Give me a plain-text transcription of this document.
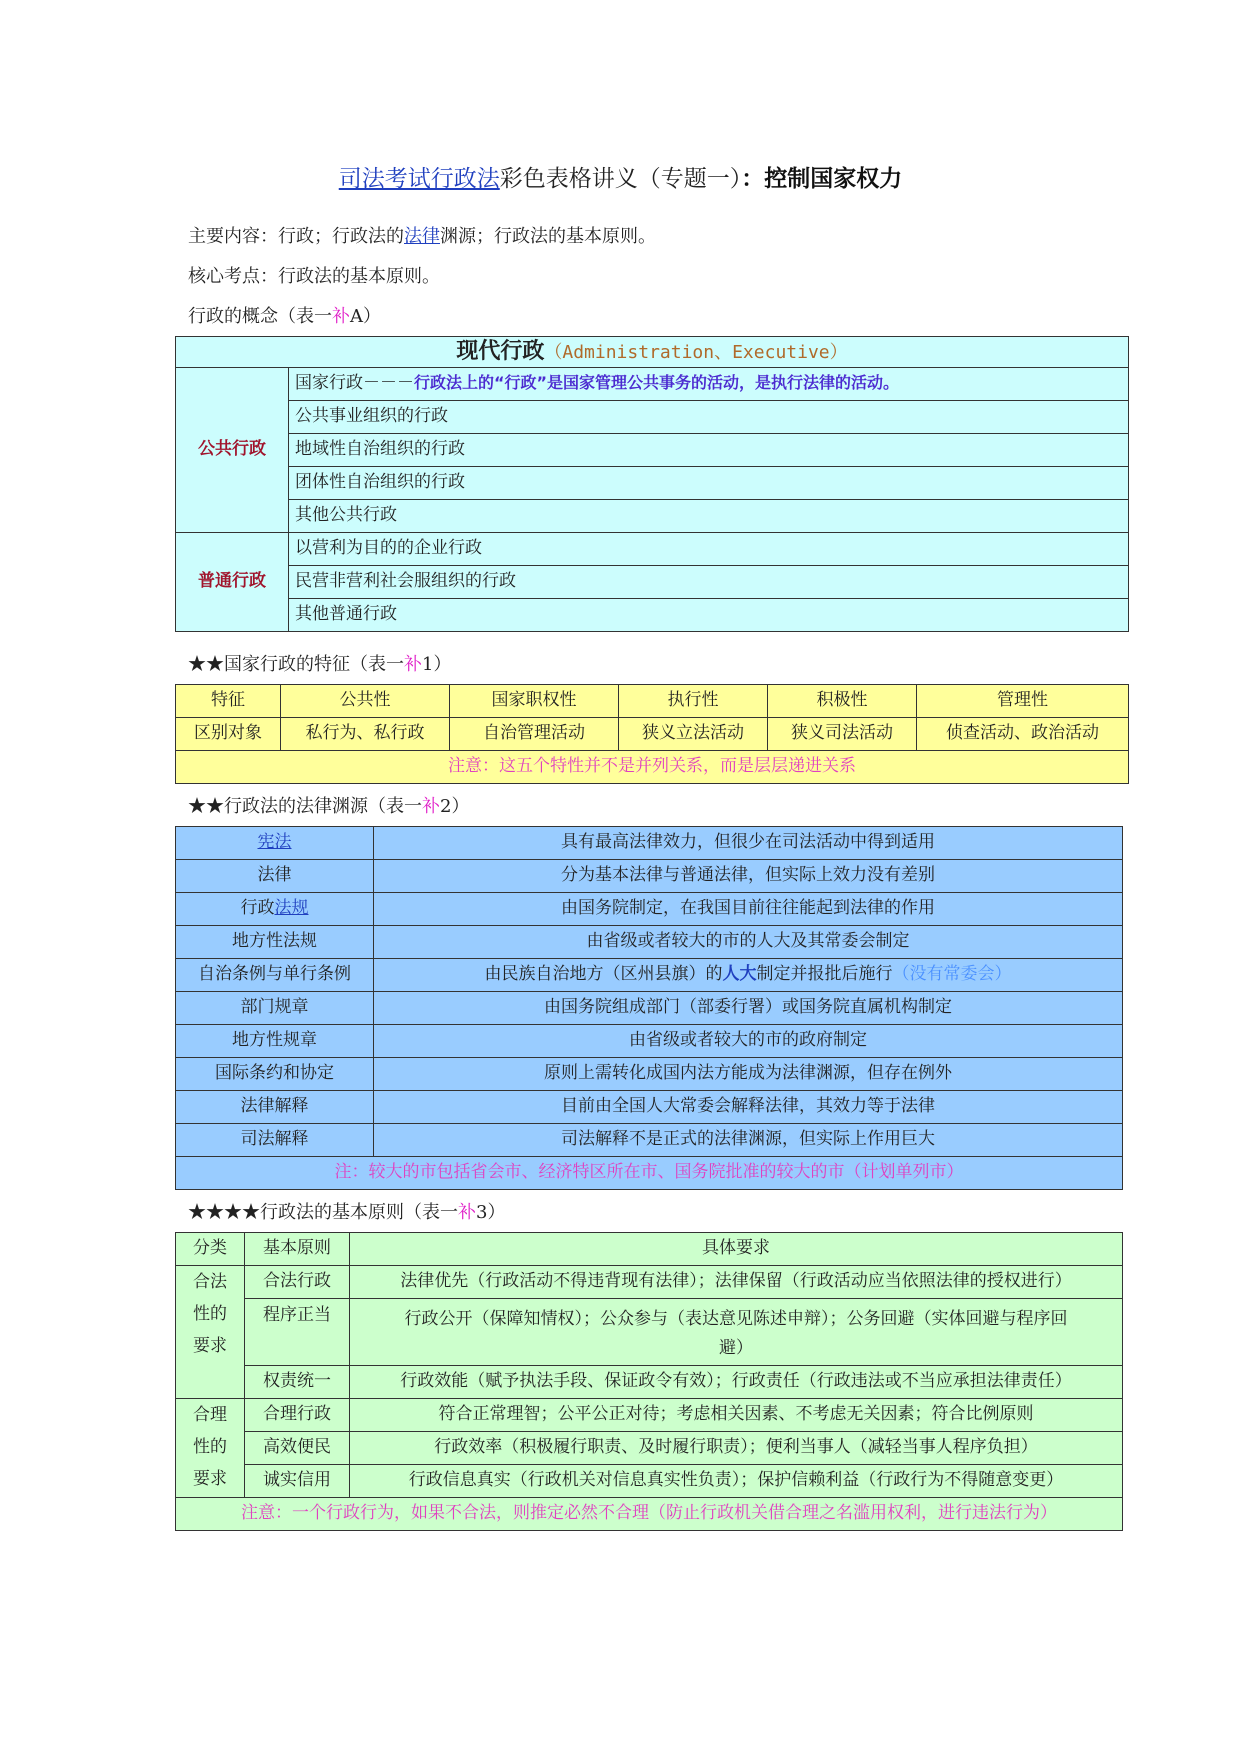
司法考试行政法彩色表格讲义（专题一）：控制国家权力
主要内容：行政；行政法的法律渊源；行政法的基本原则。
核心考点：行政法的基本原则。
行政的概念（表一补A）
现代行政（Administration、Executive）	
公共行政	国家行政－－－行政法上的“行政”是国家管理公共事务的活动，是执行法律的活动。
	公共事业组织的行政
	地域性自治组织的行政
	团体性自治组织的行政
	其他公共行政
普通行政	以营利为目的的企业行政
	民营非营利社会服组织的行政
	其他普通行政
★★国家行政的特征（表一补1）
特征	公共性	国家职权性	执行性	积极性	管理性
区别对象	私行为、私行政	自治管理活动	狭义立法活动	狭义司法活动	侦查活动、政治活动
注意：这五个特性并不是并列关系，而是层层递进关系					
★★行政法的法律渊源（表一补2）
宪法	具有最高法律效力，但很少在司法活动中得到适用
法律	分为基本法律与普通法律，但实际上效力没有差别
行政法规	由国务院制定，在我国目前往往能起到法律的作用
地方性法规	由省级或者较大的市的人大及其常委会制定
自治条例与单行条例	由民族自治地方（区州县旗）的人大制定并报批后施行（没有常委会）
部门规章	由国务院组成部门（部委行署）或国务院直属机构制定
地方性规章	由省级或者较大的市的政府制定
国际条约和协定	原则上需转化成国内法方能成为法律渊源，但存在例外
法律解释	目前由全国人大常委会解释法律，其效力等于法律
司法解释	司法解释不是正式的法律渊源，但实际上作用巨大
注：较大的市包括省会市、经济特区所在市、国务院批准的较大的市（计划单列市）	
★★★★行政法的基本原则（表一补3）
分类	基本原则	具体要求

合法
性的
要求	合法行政	法律优先（行政活动不得违背现有法律）；法律保留（行政活动应当依照法律的授权进行）
	程序正当	行政公开（保障知情权）；公众参与（表达意见陈述申辩）；公务回避（实体回避与程序回
避）

	权责统一	行政效能（赋予执法手段、保证政令有效）；行政责任（行政违法或不当应承担法律责任）

合理
性的
要求	合理行政	符合正常理智；公平公正对待；考虑相关因素、不考虑无关因素；符合比例原则
	高效便民	行政效率（积极履行职责、及时履行职责）；便利当事人（减轻当事人程序负担）
	诚实信用	行政信息真实（行政机关对信息真实性负责）；保护信赖利益（行政行为不得随意变更）
注意：一个行政行为，如果不合法，则推定必然不合理（防止行政机关借合理之名滥用权利，进行违法行为）		
